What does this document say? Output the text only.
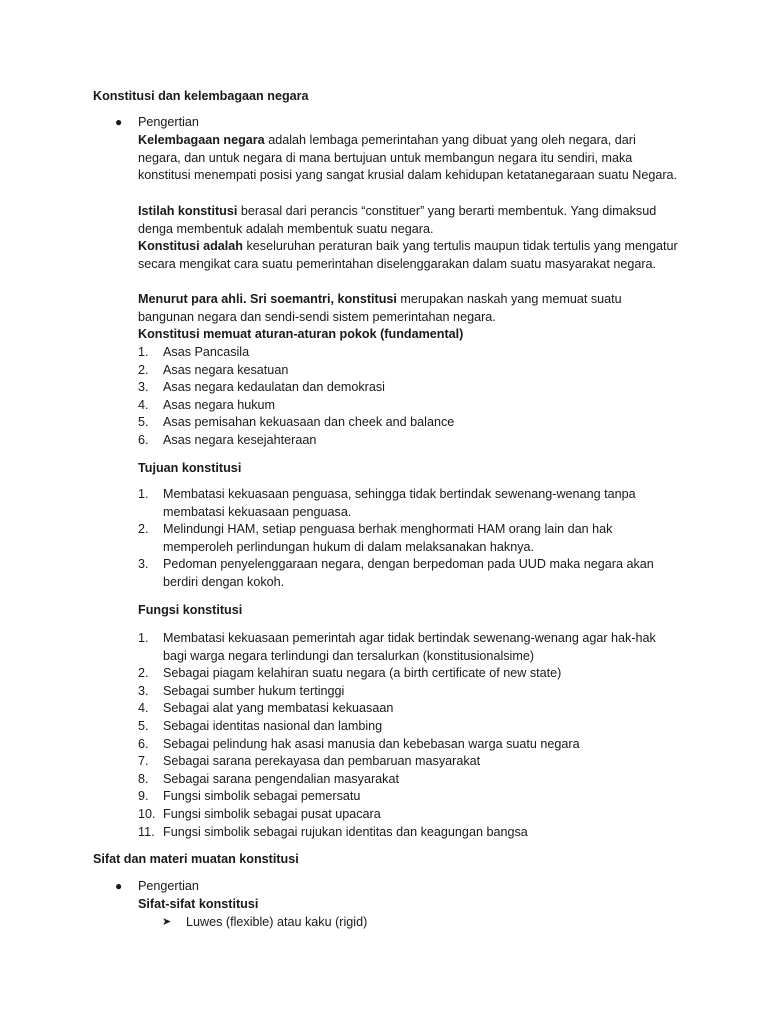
Konstitusi dan kelembagaan negara
●	Pengertian

Kelembagaan negara adalah lembaga pemerintahan yang dibuat yang oleh negara, dari negara, dan untuk negara di mana bertujuan untuk membangun negara itu sendiri, maka konstitusi menempati posisi yang sangat krusial dalam kehidupan ketatanegaraan suatu Negara.

Istilah konstitusi berasal dari perancis “constituer” yang berarti membentuk. Yang dimaksud denga membentuk adalah membentuk suatu negara.

Konstitusi adalah keseluruhan peraturan baik yang tertulis maupun tidak tertulis yang mengatur secara mengikat cara suatu pemerintahan diselenggarakan dalam suatu masyarakat negara.

Menurut para ahli. Sri soemantri, konstitusi merupakan naskah yang memuat suatu bangunan negara dan sendi-sendi sistem pemerintahan negara.

Konstitusi memuat aturan-aturan pokok (fundamental)
1.	Asas Pancasila
2.	Asas negara kesatuan
3.	Asas negara kedaulatan dan demokrasi
4.	Asas negara hukum
5.	Asas pemisahan kekuasaan dan cheek and balance
6.	Asas negara kesejahteraan
Tujuan konstitusi
1.	Membatasi kekuasaan penguasa, sehingga tidak bertindak sewenang-wenang tanpa membatasi kekuasaan penguasa.
2.	Melindungi HAM, setiap penguasa berhak menghormati HAM orang lain dan hak memperoleh perlindungan hukum di dalam melaksanakan haknya.
3.	Pedoman penyelenggaraan negara, dengan berpedoman pada UUD maka negara akan berdiri dengan kokoh.
Fungsi konstitusi
1.	Membatasi kekuasaan pemerintah agar tidak bertindak sewenang-wenang agar hak-hak bagi warga negara terlindungi dan tersalurkan (konstitusionalsime)
2.	Sebagai piagam kelahiran suatu negara (a birth certificate of new state)
3.	Sebagai sumber hukum tertinggi
4.	Sebagai alat yang membatasi kekuasaan
5.	Sebagai identitas nasional dan lambing
6.	Sebagai pelindung hak asasi manusia dan kebebasan warga suatu negara
7.	Sebagai sarana perekayasa dan pembaruan masyarakat
8.	Sebagai sarana pengendalian masyarakat
9.	Fungsi simbolik sebagai pemersatu
10. Fungsi simbolik sebagai pusat upacara
11. Fungsi simbolik sebagai rujukan identitas dan keagungan bangsa
Sifat dan materi muatan konstitusi
●	Pengertian
Sifat-sifat konstitusi
➤ Luwes (flexible) atau kaku (rigid)
